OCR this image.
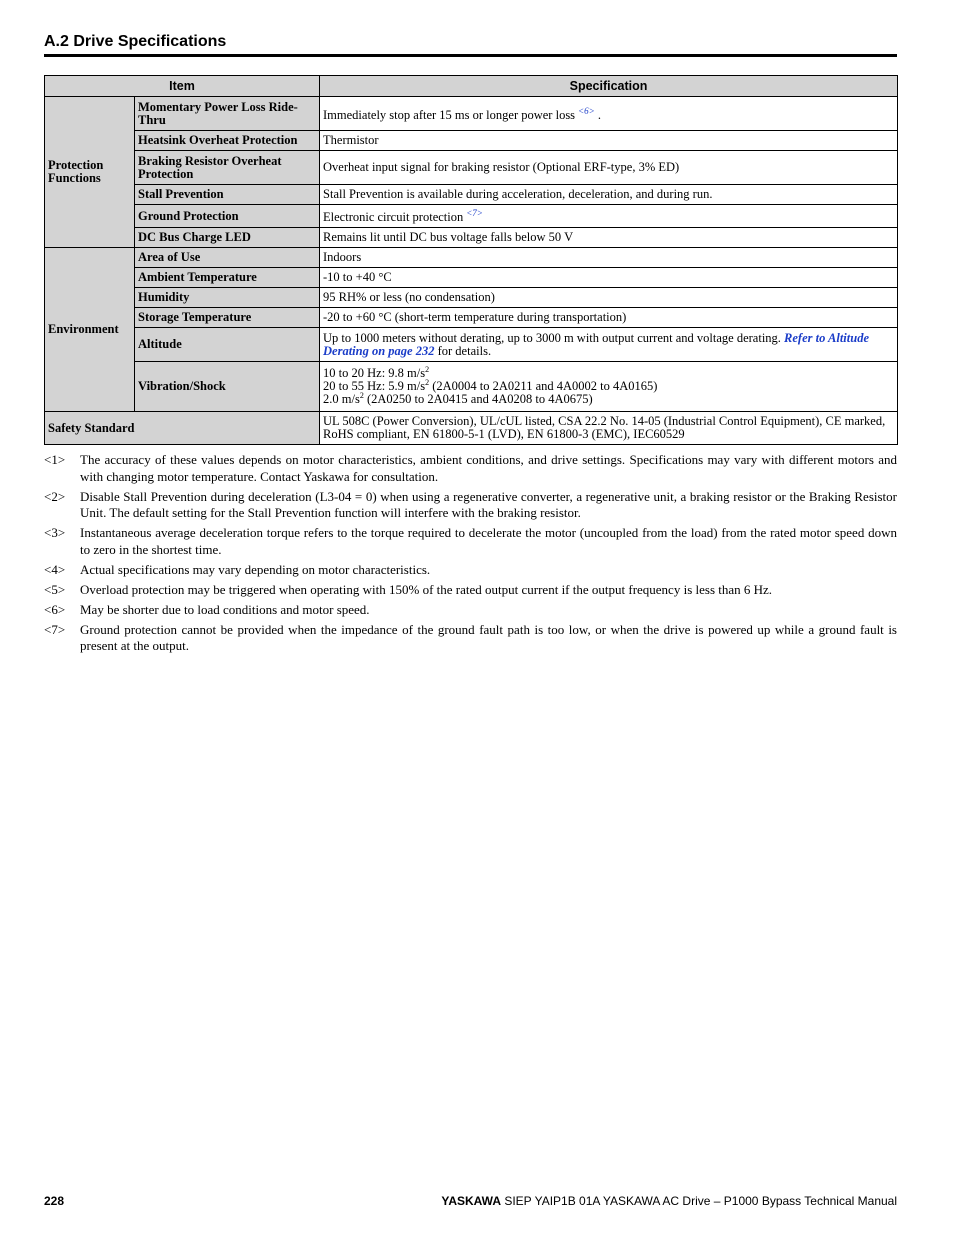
A.2 Drive Specifications
Item		Specification
Protection Functions	Momentary Power Loss Ride-Thru	Immediately stop after 15 ms or longer power loss $^{<6>}$ .
	Heatsink Overheat Protection	Thermistor
	Braking Resistor Overheat Protection	Overheat input signal for braking resistor (Optional ERF-type, 3% ED)
	Stall Prevention	Stall Prevention is available during acceleration, deceleration, and during run.
	Ground Protection	Electronic circuit protection $^{<7>}$
	DC Bus Charge LED	Remains lit until DC bus voltage falls below 50 V
Environment	Area of Use	Indoors
	Ambient Temperature	-10 to +40 °C
	Humidity	95 RH% or less (no condensation)
	Storage Temperature	-20 to +60 °C (short-term temperature during transportation)
	Altitude	Up to 1000 meters without derating, up to 3000 m with output current and voltage derating. Refer to Altitude Derating on page 232 for details.
	Vibration/Shock	10 to 20 Hz: 9.8 $m/s^2$
20 to 55 Hz: 5.9 $m/s^2$ (2A0004 to 2A0211 and 4A0002 to 4A0165)
2.0 $m/s^2$ (2A0250 to 2A0415 and 4A0208 to 4A0675)

Safety Standard		UL 508C (Power Conversion), UL/cUL listed, CSA 22.2 No. 14-05 (Industrial Control Equipment), CE marked, RoHS compliant, EN 61800-5-1 (LVD), EN 61800-3 (EMC), IEC60529
<1>	The accuracy of these values depends on motor characteristics, ambient conditions, and drive settings. Specifications may vary with different motors and with changing motor temperature. Contact Yaskawa for consultation.
<2>	Disable Stall Prevention during deceleration (L3-04 = 0) when using a regenerative converter, a regenerative unit, a braking resistor or the Braking Resistor Unit. The default setting for the Stall Prevention function will interfere with the braking resistor.
<3>	Instantaneous average deceleration torque refers to the torque required to decelerate the motor (uncoupled from the load) from the rated motor speed down to zero in the shortest time.
<4>	Actual specifications may vary depending on motor characteristics.
<5>	Overload protection may be triggered when operating with 150% of the rated output current if the output frequency is less than 6 Hz.
<6>	May be shorter due to load conditions and motor speed.
<7>	Ground protection cannot be provided when the impedance of the ground fault path is too low, or when the drive is powered up while a ground fault is present at the output.
228	YASKAWA SIEP YAIP1B 01A YASKAWA AC Drive – P1000 Bypass Technical Manual
